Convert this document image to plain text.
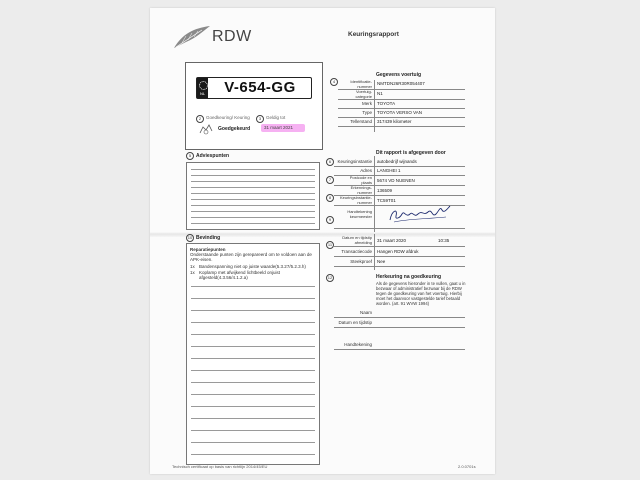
RDW	Keuringsrapport
NL	V-654-GG
2	Goedkeuring/ Keuring	3	Geldig tot
Goedgekeurd	31 maart 2021
4
Gegevens voertuig
Identificatie-
nummer NMTDN26R30R054407
Voertuig-
categorie N1
Merk TOYOTA
Type TOYOTA VERSO VAN
Tellerstand 317439 kilometer
5 Adviespunten	Dit rapport is afgegeven door
6
7
8
9
Keuringsinstantie autobedrijf wijnands
Adres LANGHEI 1
Postcode en
plaats 5674 VD NUENEN
Erkennings-
nummer 136509
Keuringsinstantie-
nummer TC59T01
Handtekening
keurmeester
10 Bevinding
Reparatiepunten
Onderstaande punten zijn gerepareerd om te voldoen aan de APK-eisen.
1x Bandenspanning niet op juiste waarde(5.3.27/5.2.3.h)
1x Koplamp met afwijkend lichtbeeld onjuist afgesteld(4.3.56/4.1.2.a)
11
Datum en tijdstip
afmelding 31 maart 2020	10:35
Transactiecode Hangen RDW afdruk
Steekproef Nee
12	Herkeuring na goedkeuring
Als de gegevens hieronder in te vullen, gaat u in bezwaar of administratief bezwaar bij de RDW tegen de goedkeuring van het voertuig. Hierbij moet het daarvoor vastgestelde tarief betaald worden. (art. 91 WVW 1994)
Naam
Datum en tijdstip
Handtekening
Technisch certificaat op basis van richtlijn 2014/45/EU	2.0.0701s
